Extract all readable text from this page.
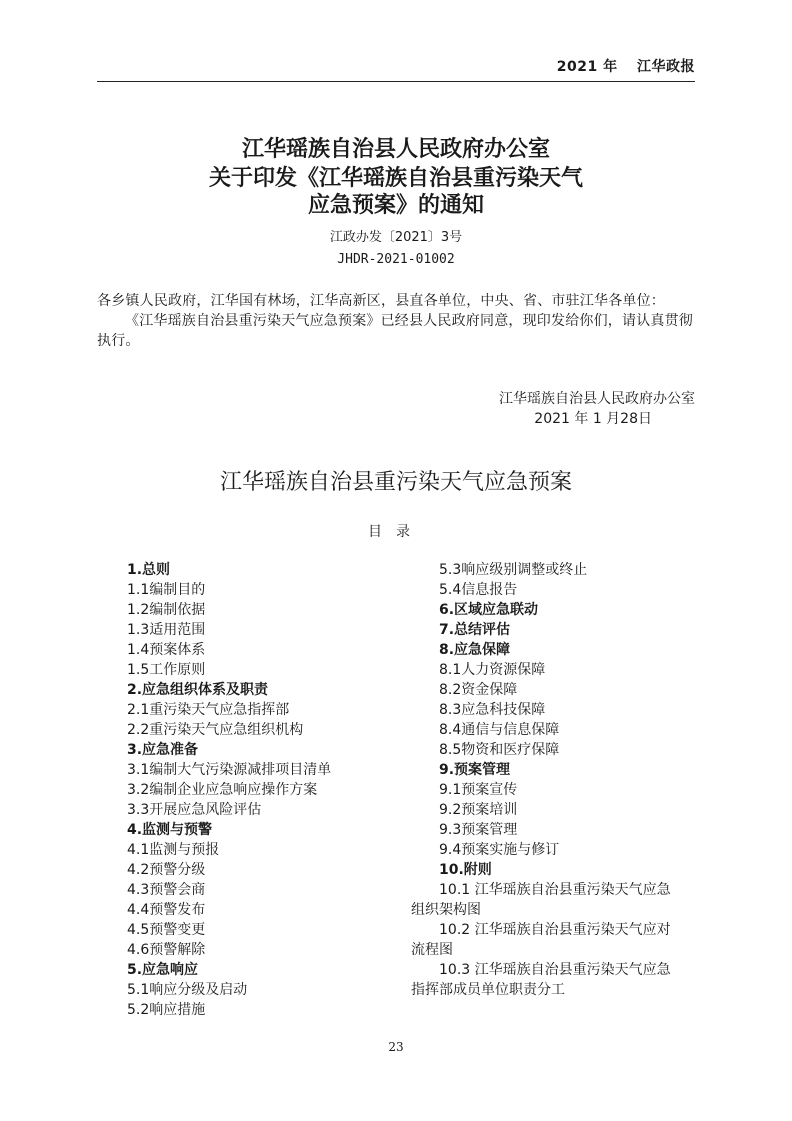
2021 年 江华政报
江华瑶族自治县人民政府办公室
关于印发《江华瑶族自治县重污染天气
应急预案》的通知
江政办发〔2021〕3号
JHDR-2021-01002
各乡镇人民政府，江华国有林场，江华高新区，县直各单位，中央、省、市驻江华各单位：
《江华瑶族自治县重污染天气应急预案》已经县人民政府同意，现印发给你们，请认真贯彻执行。
江华瑶族自治县人民政府办公室
2021 年 1 月28日
江华瑶族自治县重污染天气应急预案
目录
1.总则
1.1编制目的
1.2编制依据
1.3适用范围
1.4预案体系
1.5工作原则
2.应急组织体系及职责
2.1重污染天气应急指挥部
2.2重污染天气应急组织机构
3.应急准备
3.1编制大气污染源减排项目清单
3.2编制企业应急响应操作方案
3.3开展应急风险评估
4.监测与预警
4.1监测与预报
4.2预警分级
4.3预警会商
4.4预警发布
4.5预警变更
4.6预警解除
5.应急响应
5.1响应分级及启动
5.2响应措施
5.3响应级别调整或终止
5.4信息报告
6.区域应急联动
7.总结评估
8.应急保障
8.1人力资源保障
8.2资金保障
8.3应急科技保障
8.4通信与信息保障
8.5物资和医疗保障
9.预案管理
9.1预案宣传
9.2预案培训
9.3预案管理
9.4预案实施与修订
10.附则
10.1 江华瑶族自治县重污染天气应急
组织架构图
10.2 江华瑶族自治县重污染天气应对
流程图
10.3 江华瑶族自治县重污染天气应急
指挥部成员单位职责分工
23
